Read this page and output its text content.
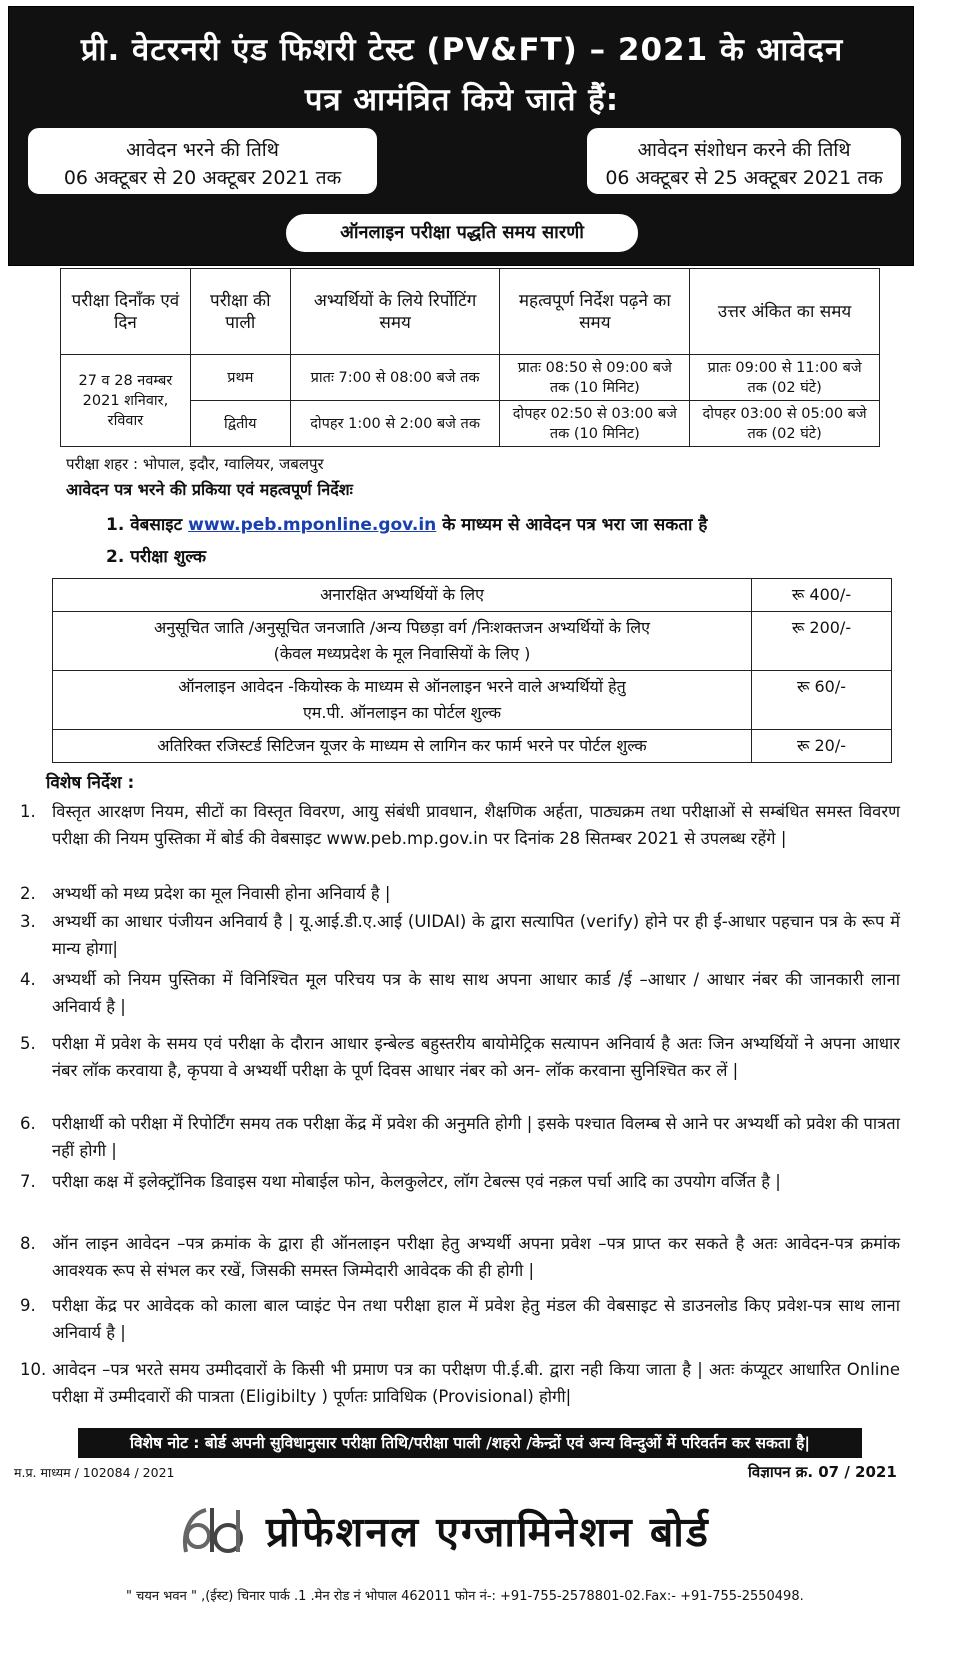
प्री. वेटरनरी एंड फिशरी टेस्ट (PV&FT) – 2021 के आवेदन
पत्र आमंत्रित किये जाते हैं:
आवेदन भरने की तिथि
06 अक्टूबर से 20 अक्टूबर 2021 तक
आवेदन संशोधन करने की तिथि
06 अक्टूबर से 25 अक्टूबर 2021 तक
ऑनलाइन परीक्षा पद्धति समय सारणी
परीक्षा दिनाँक एवं दिन	परीक्षा की पाली	अभ्यर्थियों के लिये रिर्पोटिंग समय	महत्वपूर्ण निर्देश पढ़ने का समय	उत्तर अंकित का समय
27 व 28 नवम्बर 2021 शनिवार, रविवार	प्रथम	प्रातः 7:00 से 08:00 बजे तक	प्रातः 08:50 से 09:00 बजे तक (10 मिनिट)	प्रातः 09:00 से 11:00 बजे तक (02 घंटे)
	द्वितीय	दोपहर 1:00 से 2:00 बजे तक	दोपहर 02:50 से 03:00 बजे तक (10 मिनिट)	दोपहर 03:00 से 05:00 बजे तक (02 घंटे)
परीक्षा शहर : भोपाल, इदौर, ग्वालियर, जबलपुर
आवेदन पत्र भरने की प्रकिया एवं महत्वपूर्ण निर्देशः
1. वेबसाइट www.peb.mponline.gov.in के माध्यम से आवेदन पत्र भरा जा सकता है
2. परीक्षा शुल्क
अनारक्षित अभ्यर्थियों के लिए	रू 400/-

अनुसूचित जाति /अनुसूचित जनजाति /अन्य पिछड़ा वर्ग /निःशक्तजन अभ्यर्थियों के लिए
(केवल मध्यप्रदेश के मूल निवासियों के लिए )	रू 200/-

ऑनलाइन आवेदन -कियोस्क के माध्यम से ऑनलाइन भरने वाले अभ्यर्थियों हेतु
एम.पी. ऑनलाइन का पोर्टल शुल्क	रू 60/-
अतिरिक्त रजिस्टर्ड सिटिजन यूजर के माध्यम से लागिन कर फार्म भरने पर पोर्टल शुल्क	रू 20/-
विशेष निर्देश :
1. विस्तृत आरक्षण नियम, सीटों का विस्तृत विवरण, आयु संबंधी प्रावधान, शैक्षणिक अर्हता, पाठ्यक्रम तथा परीक्षाओं से सम्बंधित समस्त विवरण परीक्षा की नियम पुस्तिका में बोर्ड की वेबसाइट www.peb.mp.gov.in पर दिनांक 28 सितम्बर 2021 से उपलब्ध रहेंगे |
2. अभ्यर्थी को मध्य प्रदेश का मूल निवासी होना अनिवार्य है |
3. अभ्यर्थी का आधार पंजीयन अनिवार्य है | यू.आई.डी.ए.आई (UIDAI) के द्वारा सत्यापित (verify) होने पर ही ई-आधार पहचान पत्र के रूप में मान्य होगा|
4. अभ्यर्थी को नियम पुस्तिका में विनिश्चित मूल परिचय पत्र के साथ साथ अपना आधार कार्ड /ई –आधार / आधार नंबर की जानकारी लाना अनिवार्य है |
5. परीक्षा में प्रवेश के समय एवं परीक्षा के दौरान आधार इन्बेल्ड बहुस्तरीय बायोमेट्रिक सत्यापन अनिवार्य है अतः जिन अभ्यर्थियों ने अपना आधार नंबर लॉक करवाया है, कृपया वे अभ्यर्थी परीक्षा के पूर्ण दिवस आधार नंबर को अन- लॉक करवाना सुनिश्चित कर लें |
6. परीक्षार्थी को परीक्षा में रिपोर्टिंग समय तक परीक्षा केंद्र में प्रवेश की अनुमति होगी | इसके पश्चात विलम्ब से आने पर अभ्यर्थी को प्रवेश की पात्रता नहीं होगी |
7. परीक्षा कक्ष में इलेक्ट्रॉनिक डिवाइस यथा मोबाईल फोन, केलकुलेटर, लॉग टेबल्स एवं नक़ल पर्चा आदि का उपयोग वर्जित है |
8. ऑन लाइन आवेदन –पत्र क्रमांक के द्वारा ही ऑनलाइन परीक्षा हेतु अभ्यर्थी अपना प्रवेश –पत्र प्राप्त कर सकते है अतः आवेदन-पत्र क्रमांक आवश्यक रूप से संभल कर रखें, जिसकी समस्त जिम्मेदारी आवेदक की ही होगी |
9. परीक्षा केंद्र पर आवेदक को काला बाल प्वाइंट पेन तथा परीक्षा हाल में प्रवेश हेतु मंडल की वेबसाइट से डाउनलोड किए प्रवेश-पत्र साथ लाना अनिवार्य है |
10. आवेदन –पत्र भरते समय उम्मीदवारों के किसी भी प्रमाण पत्र का परीक्षण पी.ई.बी. द्वारा नही किया जाता है | अतः कंप्यूटर आधारित Online परीक्षा में उम्मीदवारों की पात्रता (Eligibilty ) पूर्णतः प्राविधिक (Provisional) होगी|
विशेष नोट : बोर्ड अपनी सुविधानुसार परीक्षा तिथि/परीक्षा पाली /शहरो /केन्द्रों एवं अन्य विन्दुओं में परिवर्तन कर सकता है|
म.प्र. माध्यम / 102084 / 2021	विज्ञापन क्र. 07 / 2021
प्रोफेशनल एग्जामिनेशन बोर्ड
" चयन भवन " ,(ईस्ट) चिनार पार्क .1 .मेन रोड नं भोपाल 462011 फोन नं-: +91-755-2578801-02.Fax:- +91-755-2550498.
